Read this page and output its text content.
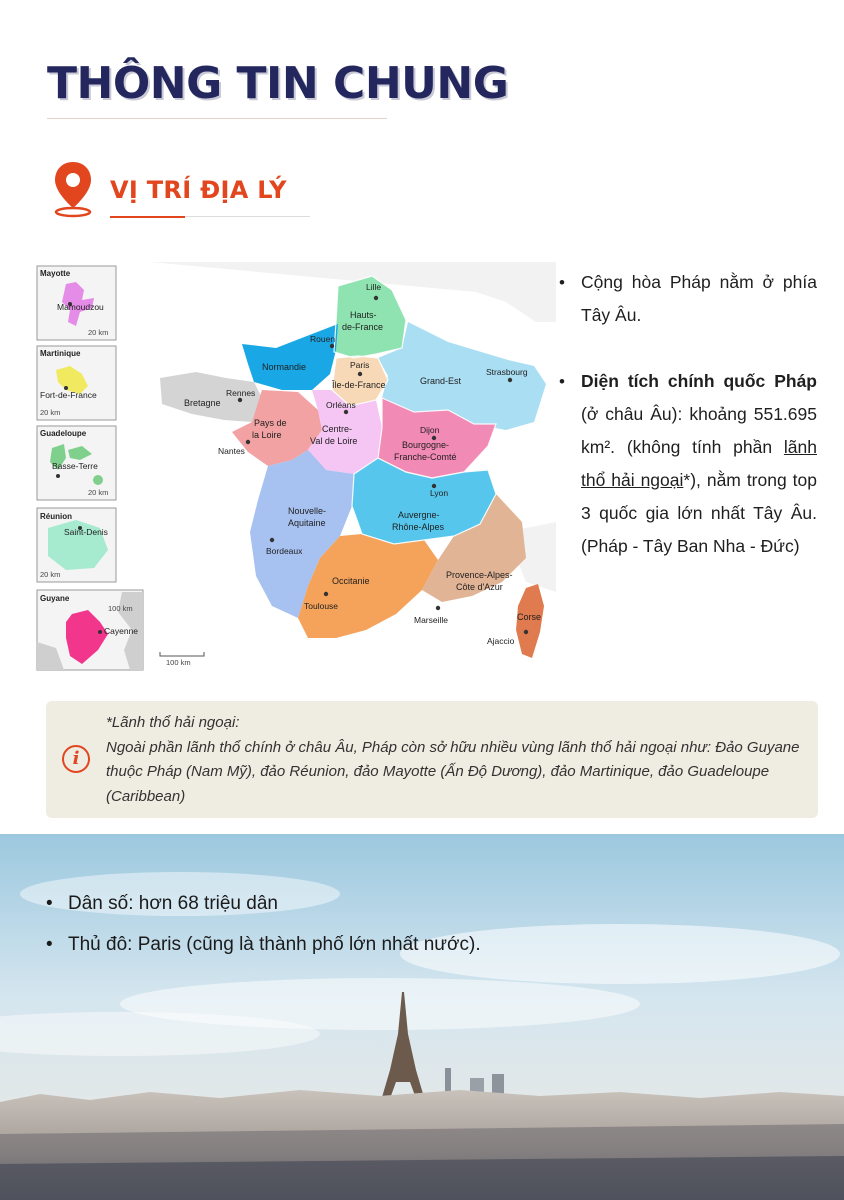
THÔNG TIN CHUNG
VỊ TRÍ ĐỊA LÝ
Mayotte
Mamoudzou
20 km
Martinique
Fort-de-France
20 km
Guadeloupe
Basse-Terre
20 km
Réunion
Saint-Denis
20 km
Guyane
Cayenne
100 km
Lille
Rouen
Paris
Strasbourg
Rennes
Nantes
Orléans
Dijon
Bordeaux
Lyon
Toulouse
Marseille
Ajaccio
Hauts-
de-France
Normandie
Île-de-France	Grand-Est
Bretagne
Pays de
la Loire
Centre-
Val de Loire	Bourgogne-
Franche-Comté
Nouvelle-
Aquitaine
Auvergne-
Rhône-Alpes
Occitanie
Provence-Alpes-
Côte d'Azur
Corse
100 km
• Cộng hòa Pháp nằm ở phía Tây Âu.
• Diện tích chính quốc Pháp (ở châu Âu): khoảng 551.695 km². (không tính phần lãnh thổ hải ngoại*), nằm trong top 3 quốc gia lớn nhất Tây Âu. (Pháp - Tây Ban Nha - Đức)
i
*Lãnh thổ hải ngoại:
Ngoài phần lãnh thổ chính ở châu Âu, Pháp còn sở hữu nhiều vùng lãnh thổ hải ngoại như: Đảo Guyane thuộc Pháp (Nam Mỹ), đảo Réunion, đảo Mayotte (Ấn Độ Dương), đảo Martinique, đảo Guadeloupe (Caribbean)
• Dân số: hơn 68 triệu dân
• Thủ đô: Paris (cũng là thành phố lớn nhất nước).
